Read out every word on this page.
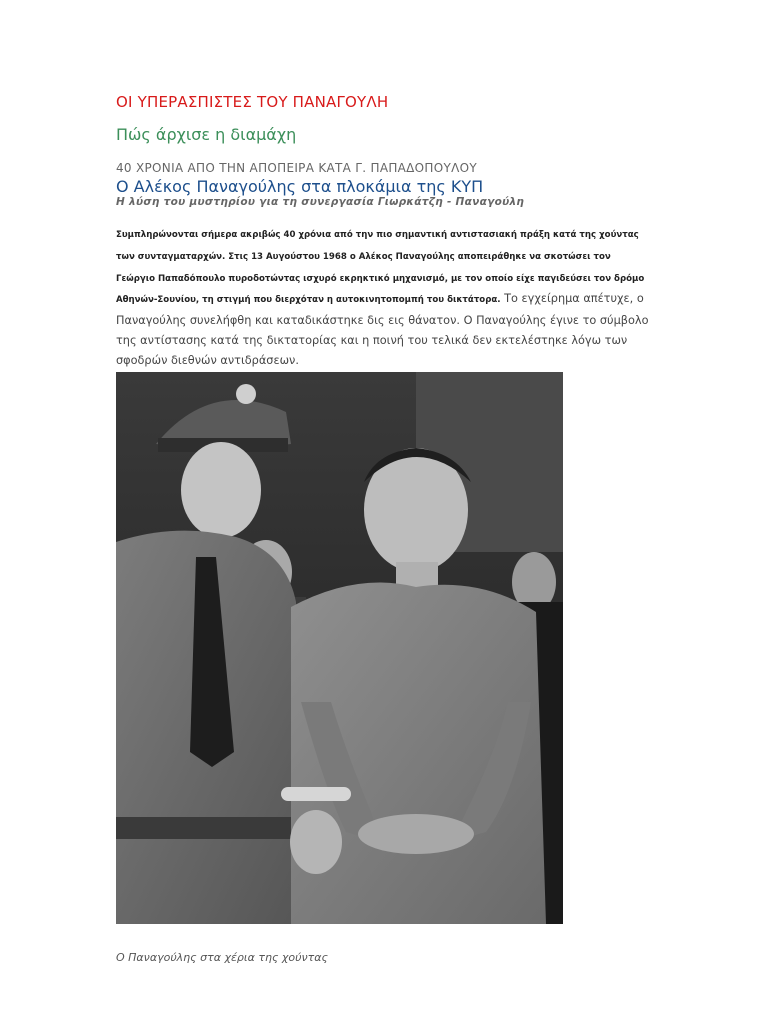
ΟΙ ΥΠΕΡΑΣΠΙΣΤΕΣ ΤΟΥ ΠΑΝΑΓΟΥΛΗ
Πώς άρχισε η διαμάχη
40 ΧΡΟΝΙΑ ΑΠΟ ΤΗΝ ΑΠΟΠΕΙΡΑ ΚΑΤΑ Γ. ΠΑΠΑΔΟΠΟΥΛΟΥ
Ο Αλέκος Παναγούλης στα πλοκάμια της ΚΥΠ
Η λύση του μυστηρίου για τη συνεργασία Γιωρκάτζη - Παναγούλη
Συμπληρώνονται σήμερα ακριβώς 40 χρόνια από την πιο σημαντική αντιστασιακή πράξη κατά της χούντας των συνταγματαρχών. Στις 13 Αυγούστου 1968 ο Αλέκος Παναγούλης αποπειράθηκε να σκοτώσει τον Γεώργιο Παπαδόπουλο πυροδοτώντας ισχυρό εκρηκτικό μηχανισμό, με τον οποίο είχε παγιδεύσει τον δρόμο Αθηνών-Σουνίου, τη στιγμή που διερχόταν η αυτοκινητοπομπή του δικτάτορα. Το εγχείρημα απέτυχε, ο Παναγούλης συνελήφθη και καταδικάστηκε δις εις θάνατον. Ο Παναγούλης έγινε το σύμβολο της αντίστασης κατά της δικτατορίας και η ποινή του τελικά δεν εκτελέστηκε λόγω των σφοδρών διεθνών αντιδράσεων.
Ο Παναγούλης στα χέρια της χούντας
